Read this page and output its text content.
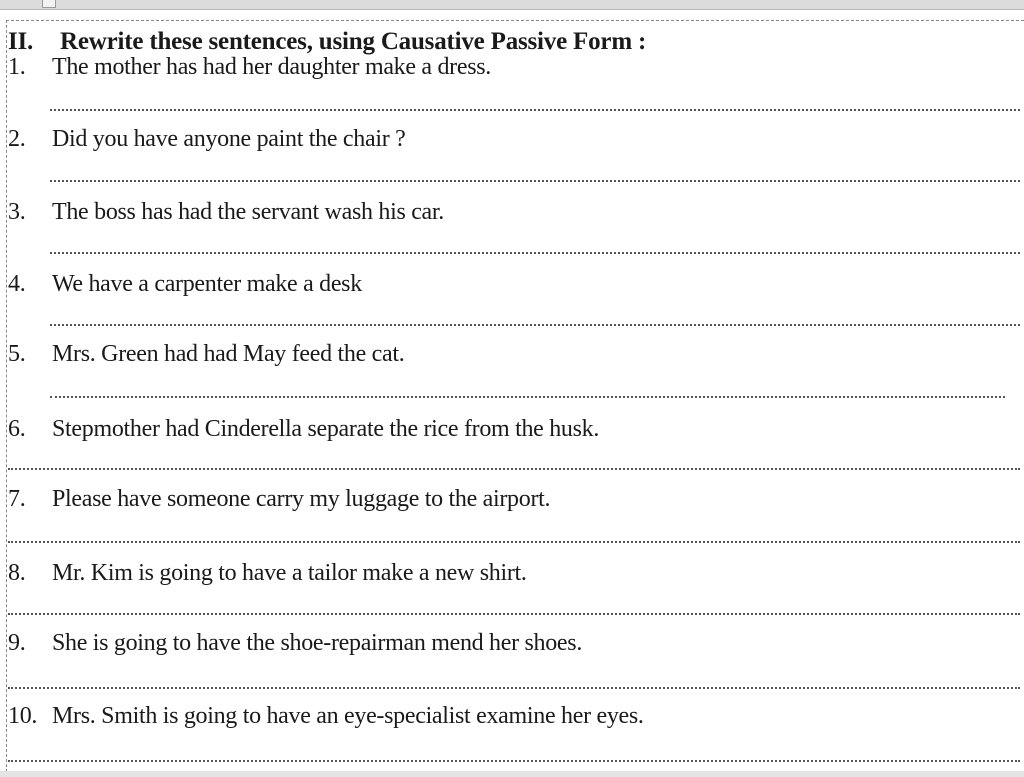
II. Rewrite these sentences, using Causative Passive Form :
1. The mother has had her daughter make a dress.
2. Did you have anyone paint the chair ?
3. The boss has had the servant wash his car.
4. We have a carpenter make a desk
5. Mrs. Green had had May feed the cat.
6. Stepmother had Cinderella separate the rice from the husk.
7. Please have someone carry my luggage to the airport.
8. Mr. Kim is going to have a tailor make a new shirt.
9. She is going to have the shoe-repairman mend her shoes.
10. Mrs. Smith is going to have an eye-specialist examine her eyes.
